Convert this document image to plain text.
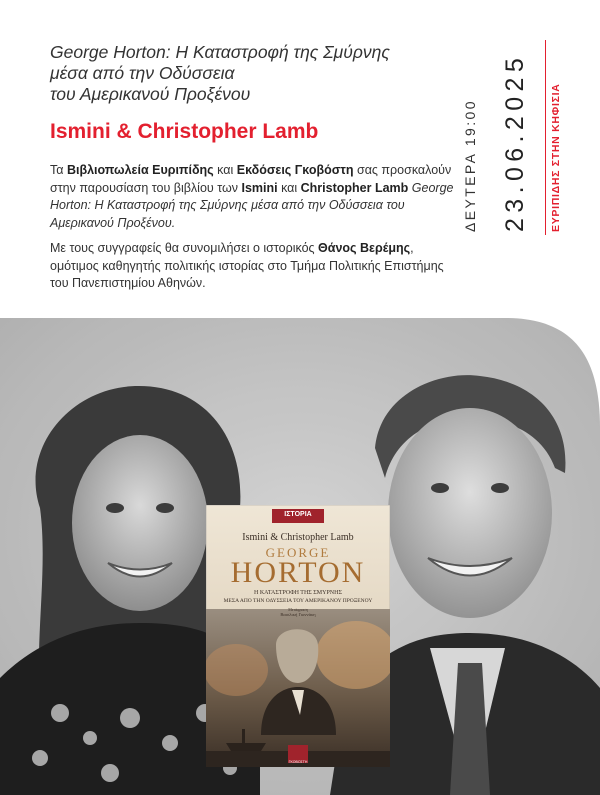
George Horton: Η Καταστροφή της Σμύρνης
μέσα από την Οδύσσεια
του Αμερικανού Προξένου
Ismini & Christopher Lamb

Τα Βιβλιοπωλεία Ευριπίδης και Εκδόσεις Γκοβόστη σας προσκαλούν στην παρουσίαση του βιβλίου των Ismini και Christopher Lamb George Horton: Η Καταστροφή της Σμύρνης μέσα από την Οδύσσεια του Αμερικανού Προξένου.

Με τους συγγραφείς θα συνομιλήσει ο ιστορικός Θάνος Βερέμης, ομότιμος καθηγητής πολιτικής ιστορίας στο Τμήμα Πολιτικής Επιστήμης του Πανεπιστημίου Αθηνών.

ΔΕΥΤΕΡΑ 19:00 23.06.2025 ΕΥΡΙΠΙΔΗΣ ΣΤΗΝ ΚΗΦΙΣΙΑ
ΙΣΤΟΡΙΑ
Ismini & Christopher Lamb
GEORGE
HORTON
Η ΚΑΤΑΣΤΡΟΦΗ ΤΗΣ ΣΜΥΡΝΗΣ
ΜΕΣΑ ΑΠΟ ΤΗΝ ΟΔΥΣΣΕΙΑ ΤΟΥ ΑΜΕΡΙΚΑΝΟΥ ΠΡΟΞΕΝΟΥ
Μετάφραση
Βασιλική Γιαννάκη
ΓΚΟΒΟΣΤΗ
